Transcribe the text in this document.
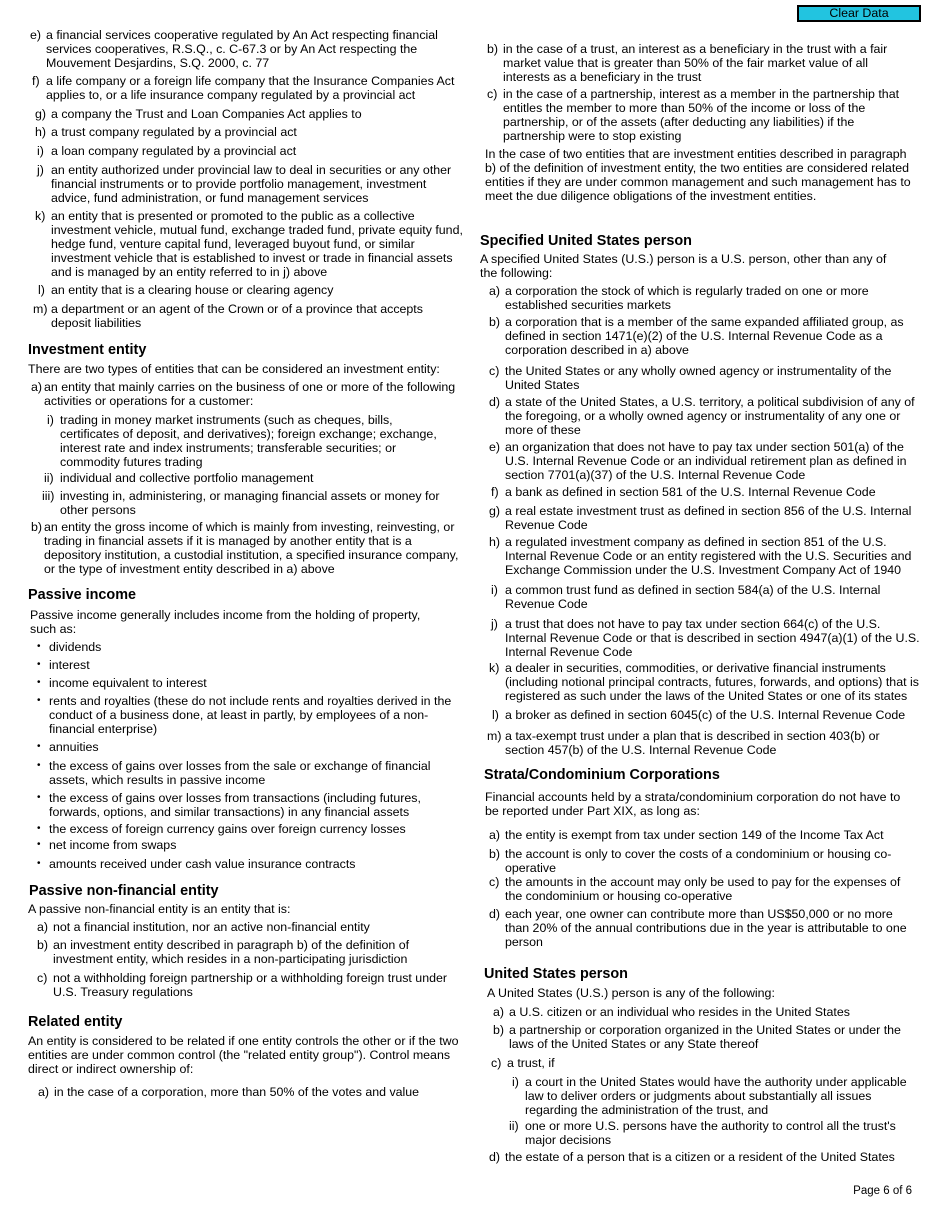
Clear Data
e) a financial services cooperative regulated by An Act respecting financial services cooperatives, R.S.Q., c. C-67.3 or by An Act respecting the Mouvement Desjardins, S.Q. 2000, c. 77
f) a life company or a foreign life company that the Insurance Companies Act applies to, or a life insurance company regulated by a provincial act
g) a company the Trust and Loan Companies Act applies to
h) a trust company regulated by a provincial act
i) a loan company regulated by a provincial act
j) an entity authorized under provincial law to deal in securities or any other financial instruments or to provide portfolio management, investment advice, fund administration, or fund management services
k) an entity that is presented or promoted to the public as a collective investment vehicle, mutual fund, exchange traded fund, private equity fund, hedge fund, venture capital fund, leveraged buyout fund, or similar investment vehicle that is established to invest or trade in financial assets and is managed by an entity referred to in j) above
l) an entity that is a clearing house or clearing agency
m) a department or an agent of the Crown or of a province that accepts deposit liabilities
Investment entity

There are two types of entities that can be considered an investment entity:

a) an entity that mainly carries on the business of one or more of the following activities or operations for a customer:
i) trading in money market instruments (such as cheques, bills, certificates of deposit, and derivatives); foreign exchange; exchange, interest rate and index instruments; transferable securities; or commodity futures trading
ii) individual and collective portfolio management
iii) investing in, administering, or managing financial assets or money for other persons
b) an entity the gross income of which is mainly from investing, reinvesting, or trading in financial assets if it is managed by another entity that is a depository institution, a custodial institution, a specified insurance company, or the type of investment entity described in a) above
Passive income

Passive income generally includes income from the holding of property, such as:

• dividends
• interest
• income equivalent to interest
• rents and royalties (these do not include rents and royalties derived in the conduct of a business done, at least in partly, by employees of a non-financial enterprise)
• annuities
• the excess of gains over losses from the sale or exchange of financial assets, which results in passive income
• the excess of gains over losses from transactions (including futures, forwards, options, and similar transactions) in any financial assets
• the excess of foreign currency gains over foreign currency losses
• net income from swaps
• amounts received under cash value insurance contracts
Passive non-financial entity

A passive non-financial entity is an entity that is:

a) not a financial institution, nor an active non-financial entity
b) an investment entity described in paragraph b) of the definition of investment entity, which resides in a non-participating jurisdiction
c) not a withholding foreign partnership or a withholding foreign trust under U.S. Treasury regulations
Related entity

An entity is considered to be related if one entity controls the other or if the two entities are under common control (the "related entity group"). Control means direct or indirect ownership of:

a) in the case of a corporation, more than 50% of the votes and value
b) in the case of a trust, an interest as a beneficiary in the trust with a fair market value that is greater than 50% of the fair market value of all interests as a beneficiary in the trust
c) in the case of a partnership, interest as a member in the partnership that entitles the member to more than 50% of the income or loss of the partnership, or of the assets (after deducting any liabilities) if the partnership were to stop existing

In the case of two entities that are investment entities described in paragraph b) of the definition of investment entity, the two entities are considered related entities if they are under common management and such management has to meet the due diligence obligations of the investment entities.

Specified United States person

A specified United States (U.S.) person is a U.S. person, other than any of the following:

a) a corporation the stock of which is regularly traded on one or more established securities markets
b) a corporation that is a member of the same expanded affiliated group, as defined in section 1471(e)(2) of the U.S. Internal Revenue Code as a corporation described in a) above
c) the United States or any wholly owned agency or instrumentality of the United States
d) a state of the United States, a U.S. territory, a political subdivision of any of the foregoing, or a wholly owned agency or instrumentality of any one or more of these
e) an organization that does not have to pay tax under section 501(a) of the U.S. Internal Revenue Code or an individual retirement plan as defined in section 7701(a)(37) of the U.S. Internal Revenue Code
f) a bank as defined in section 581 of the U.S. Internal Revenue Code
g) a real estate investment trust as defined in section 856 of the U.S. Internal Revenue Code
h) a regulated investment company as defined in section 851 of the U.S. Internal Revenue Code or an entity registered with the U.S. Securities and Exchange Commission under the U.S. Investment Company Act of 1940
i) a common trust fund as defined in section 584(a) of the U.S. Internal Revenue Code
j) a trust that does not have to pay tax under section 664(c) of the U.S. Internal Revenue Code or that is described in section 4947(a)(1) of the U.S. Internal Revenue Code
k) a dealer in securities, commodities, or derivative financial instruments (including notional principal contracts, futures, forwards, and options) that is registered as such under the laws of the United States or one of its states
l) a broker as defined in section 6045(c) of the U.S. Internal Revenue Code
m) a tax-exempt trust under a plan that is described in section 403(b) or section 457(b) of the U.S. Internal Revenue Code
Strata/Condominium Corporations

Financial accounts held by a strata/condominium corporation do not have to be reported under Part XIX, as long as:

a) the entity is exempt from tax under section 149 of the Income Tax Act
b) the account is only to cover the costs of a condominium or housing co-operative
c) the amounts in the account may only be used to pay for the expenses of the condominium or housing co-operative
d) each year, one owner can contribute more than US$50,000 or no more than 20% of the annual contributions due in the year is attributable to one person
United States person

A United States (U.S.) person is any of the following:

a) a U.S. citizen or an individual who resides in the United States
b) a partnership or corporation organized in the United States or under the laws of the United States or any State thereof
c) a trust, if
i) a court in the United States would have the authority under applicable law to deliver orders or judgments about substantially all issues regarding the administration of the trust, and
ii) one or more U.S. persons have the authority to control all the trust's major decisions
d) the estate of a person that is a citizen or a resident of the United States
Page 6 of 6
